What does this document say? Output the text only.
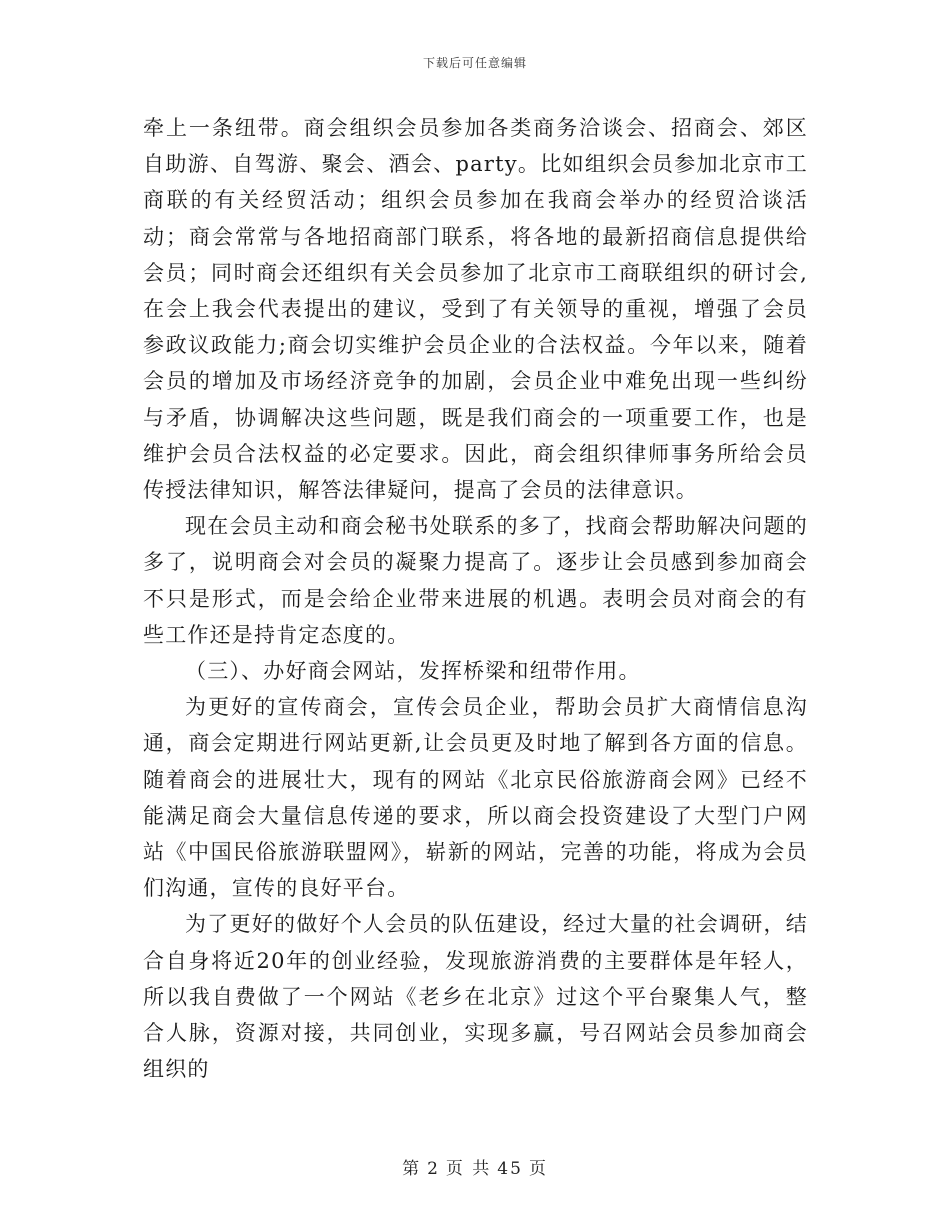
下载后可任意编辑

牵上一条纽带。商会组织会员参加各类商务洽谈会、招商会、郊区自助游、自驾游、聚会、酒会、party。比如组织会员参加北京市工商联的有关经贸活动；组织会员参加在我商会举办的经贸洽谈活动；商会常常与各地招商部门联系，将各地的最新招商信息提供给会员；同时商会还组织有关会员参加了北京市工商联组织的研讨会,在会上我会代表提出的建议，受到了有关领导的重视，增强了会员参政议政能力;商会切实维护会员企业的合法权益。今年以来，随着会员的增加及市场经济竞争的加剧，会员企业中难免出现一些纠纷与矛盾，协调解决这些问题，既是我们商会的一项重要工作，也是维护会员合法权益的必定要求。因此，商会组织律师事务所给会员传授法律知识，解答法律疑问，提高了会员的法律意识。

现在会员主动和商会秘书处联系的多了，找商会帮助解决问题的多了，说明商会对会员的凝聚力提高了。逐步让会员感到参加商会不只是形式，而是会给企业带来进展的机遇。表明会员对商会的有些工作还是持肯定态度的。

（三）、办好商会网站，发挥桥梁和纽带作用。

为更好的宣传商会，宣传会员企业，帮助会员扩大商情信息沟通，商会定期进行网站更新,让会员更及时地了解到各方面的信息。随着商会的进展壮大，现有的网站《北京民俗旅游商会网》已经不能满足商会大量信息传递的要求，所以商会投资建设了大型门户网站《中国民俗旅游联盟网》，崭新的网站，完善的功能，将成为会员们沟通，宣传的良好平台。

为了更好的做好个人会员的队伍建设，经过大量的社会调研，结合自身将近20年的创业经验，发现旅游消费的主要群体是年轻人，所以我自费做了一个网站《老乡在北京》过这个平台聚集人气，整合人脉，资源对接，共同创业，实现多赢，号召网站会员参加商会组织的

第 2 页 共 45 页
